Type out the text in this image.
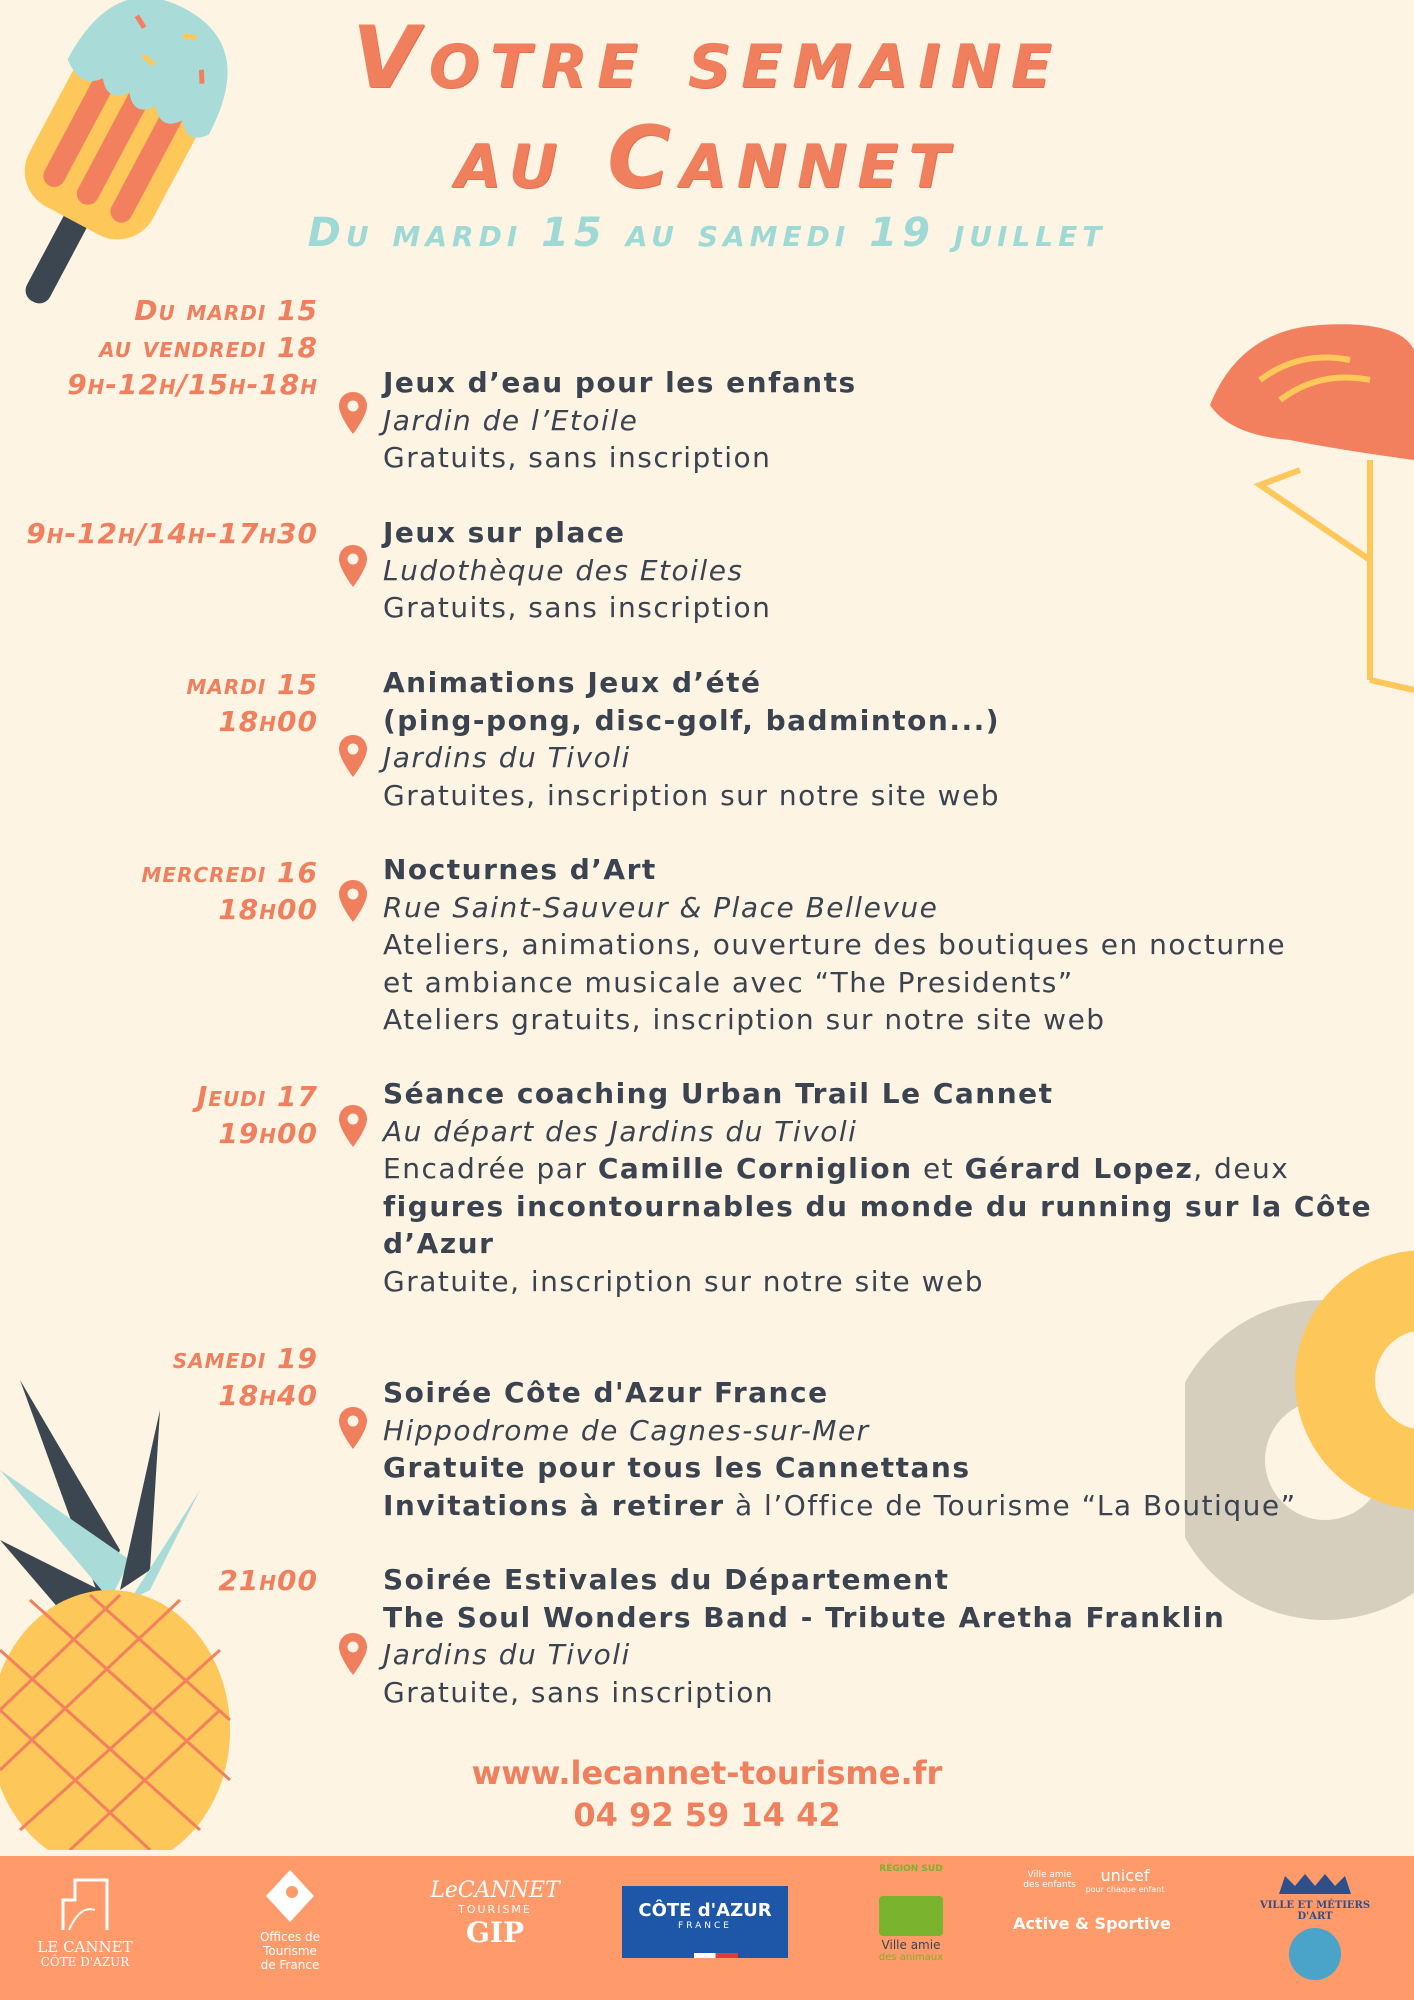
Votre semaine
au Cannet
Du mardi 15 au samedi 19 juillet
Du mardi 15
au vendredi 18
9h-12h/15h-18h Jeux d’eau pour les enfants
Jardin de l’Etoile
Gratuits, sans inscription
9h-12h/14h-17h30 Jeux sur place
Ludothèque des Etoiles
Gratuits, sans inscription
mardi 15
18h00
Animations Jeux d’été
(ping-pong, disc-golf, badminton...)
Jardins du Tivoli
Gratuites, inscription sur notre site web
mercredi 16
18h00
Nocturnes d’Art
Rue Saint-Sauveur & Place Bellevue
Ateliers, animations, ouverture des boutiques en nocturne
et ambiance musicale avec “The Presidents”
Ateliers gratuits, inscription sur notre site web
Jeudi 17
19h00
Séance coaching Urban Trail Le Cannet
Au départ des Jardins du Tivoli
Encadrée par Camille Corniglion et Gérard Lopez, deux
figures incontournables du monde du running sur la Côte
d’Azur
Gratuite, inscription sur notre site web
samedi 19
18h40 Soirée Côte d'Azur France
Hippodrome de Cagnes-sur-Mer
Gratuite pour tous les Cannettans
Invitations à retirer à l’Office de Tourisme “La Boutique”
21h00 Soirée Estivales du Département
The Soul Wonders Band - Tribute Aretha Franklin
Jardins du Tivoli
Gratuite, sans inscription
www.lecannet-tourisme.fr
04 92 59 14 42
LE CANNET
CÔTE D'AZUR
Offices de
Tourisme
de France
LeCANNET
TOURISME
GIP
CÔTE d'AZUR
FRANCE
RÉGION SUD
Ville amie
des animaux
Ville amie des enfants	unicef
pour chaque enfant
Active & Sportive
VILLE ET MÉTIERS D'ART
